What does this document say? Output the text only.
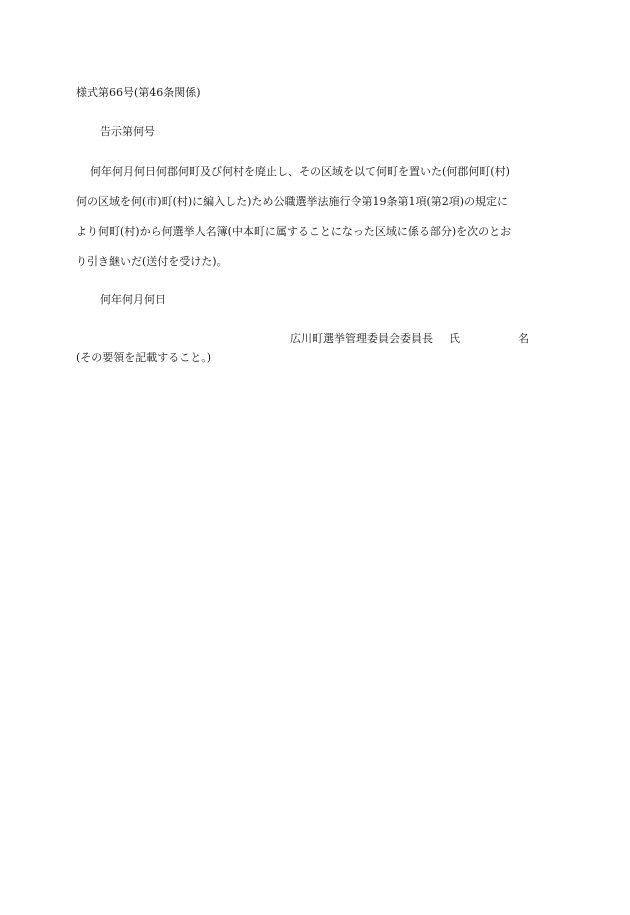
様式第66号(第46条関係)
告示第何号
何年何月何日何郡何町及び何村を廃止し、その区域を以て何町を置いた(何郡何町(村)
何の区域を何(市)町(村)に編入した)ため公職選挙法施行令第19条第1項(第2項)の規定に
より何町(村)から何選挙人名簿(中本町に属することになった区域に係る部分)を次のとお
り引き継いだ(送付を受けた)。
何年何月何日
広川町選挙管理委員会委員長 氏	名
(その要領を記載すること。)
